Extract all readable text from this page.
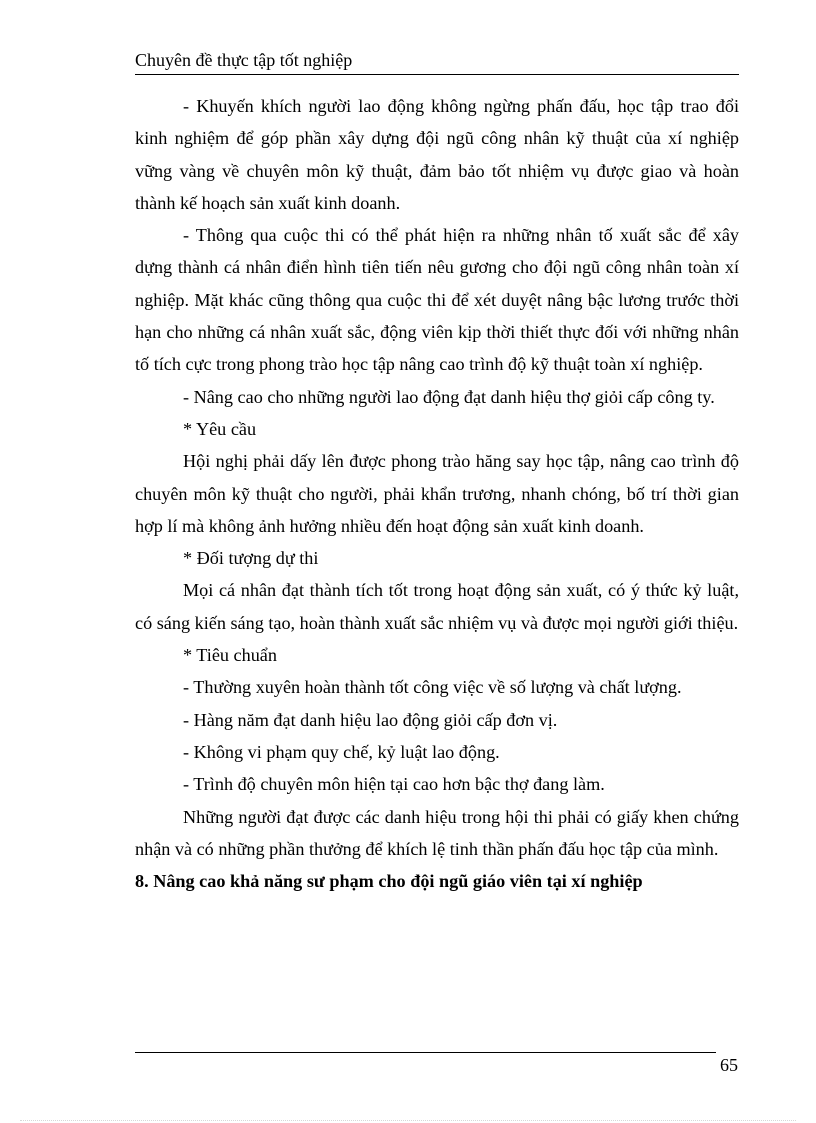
Chuyên đề thực tập tốt nghiệp

- Khuyến khích người lao động không ngừng phấn đấu, học tập trao đổi kinh nghiệm để góp phần xây dựng đội ngũ công nhân kỹ thuật của xí nghiệp vững vàng về chuyên môn kỹ thuật, đảm bảo tốt nhiệm vụ được giao và hoàn thành kế hoạch sản xuất kinh doanh.

- Thông qua cuộc thi có thể phát hiện ra những nhân tố xuất sắc để xây dựng thành cá nhân điển hình tiên tiến nêu gương cho đội ngũ công nhân toàn xí nghiệp. Mặt khác cũng thông qua cuộc thi để xét duyệt nâng bậc lương trước thời hạn cho những cá nhân xuất sắc, động viên kịp thời thiết thực đối với những nhân tố tích cực trong phong trào học tập nâng cao trình độ kỹ thuật toàn xí nghiệp.

- Nâng cao cho những người lao động đạt danh hiệu thợ giỏi cấp công ty.

* Yêu cầu

Hội nghị phải dấy lên được phong trào hăng say học tập, nâng cao trình độ chuyên môn kỹ thuật cho người, phải khẩn trương, nhanh chóng, bố trí thời gian hợp lí mà không ảnh hưởng nhiều đến hoạt động sản xuất kinh doanh.

* Đối tượng dự thi

Mọi cá nhân đạt thành tích tốt trong hoạt động sản xuất, có ý thức kỷ luật, có sáng kiến sáng tạo, hoàn thành xuất sắc nhiệm vụ và được mọi người giới thiệu.

* Tiêu chuẩn

- Thường xuyên hoàn thành tốt công việc về số lượng và chất lượng.

- Hàng năm đạt danh hiệu lao động giỏi cấp đơn vị.

- Không vi phạm quy chế, kỷ luật lao động.

- Trình độ chuyên môn hiện tại cao hơn bậc thợ đang làm.

Những người đạt được các danh hiệu trong hội thi phải có giấy khen chứng nhận và có những phần thưởng để khích lệ tinh thần phấn đấu học tập của mình.

8. Nâng cao khả năng sư phạm cho đội ngũ giáo viên tại xí nghiệp

65
